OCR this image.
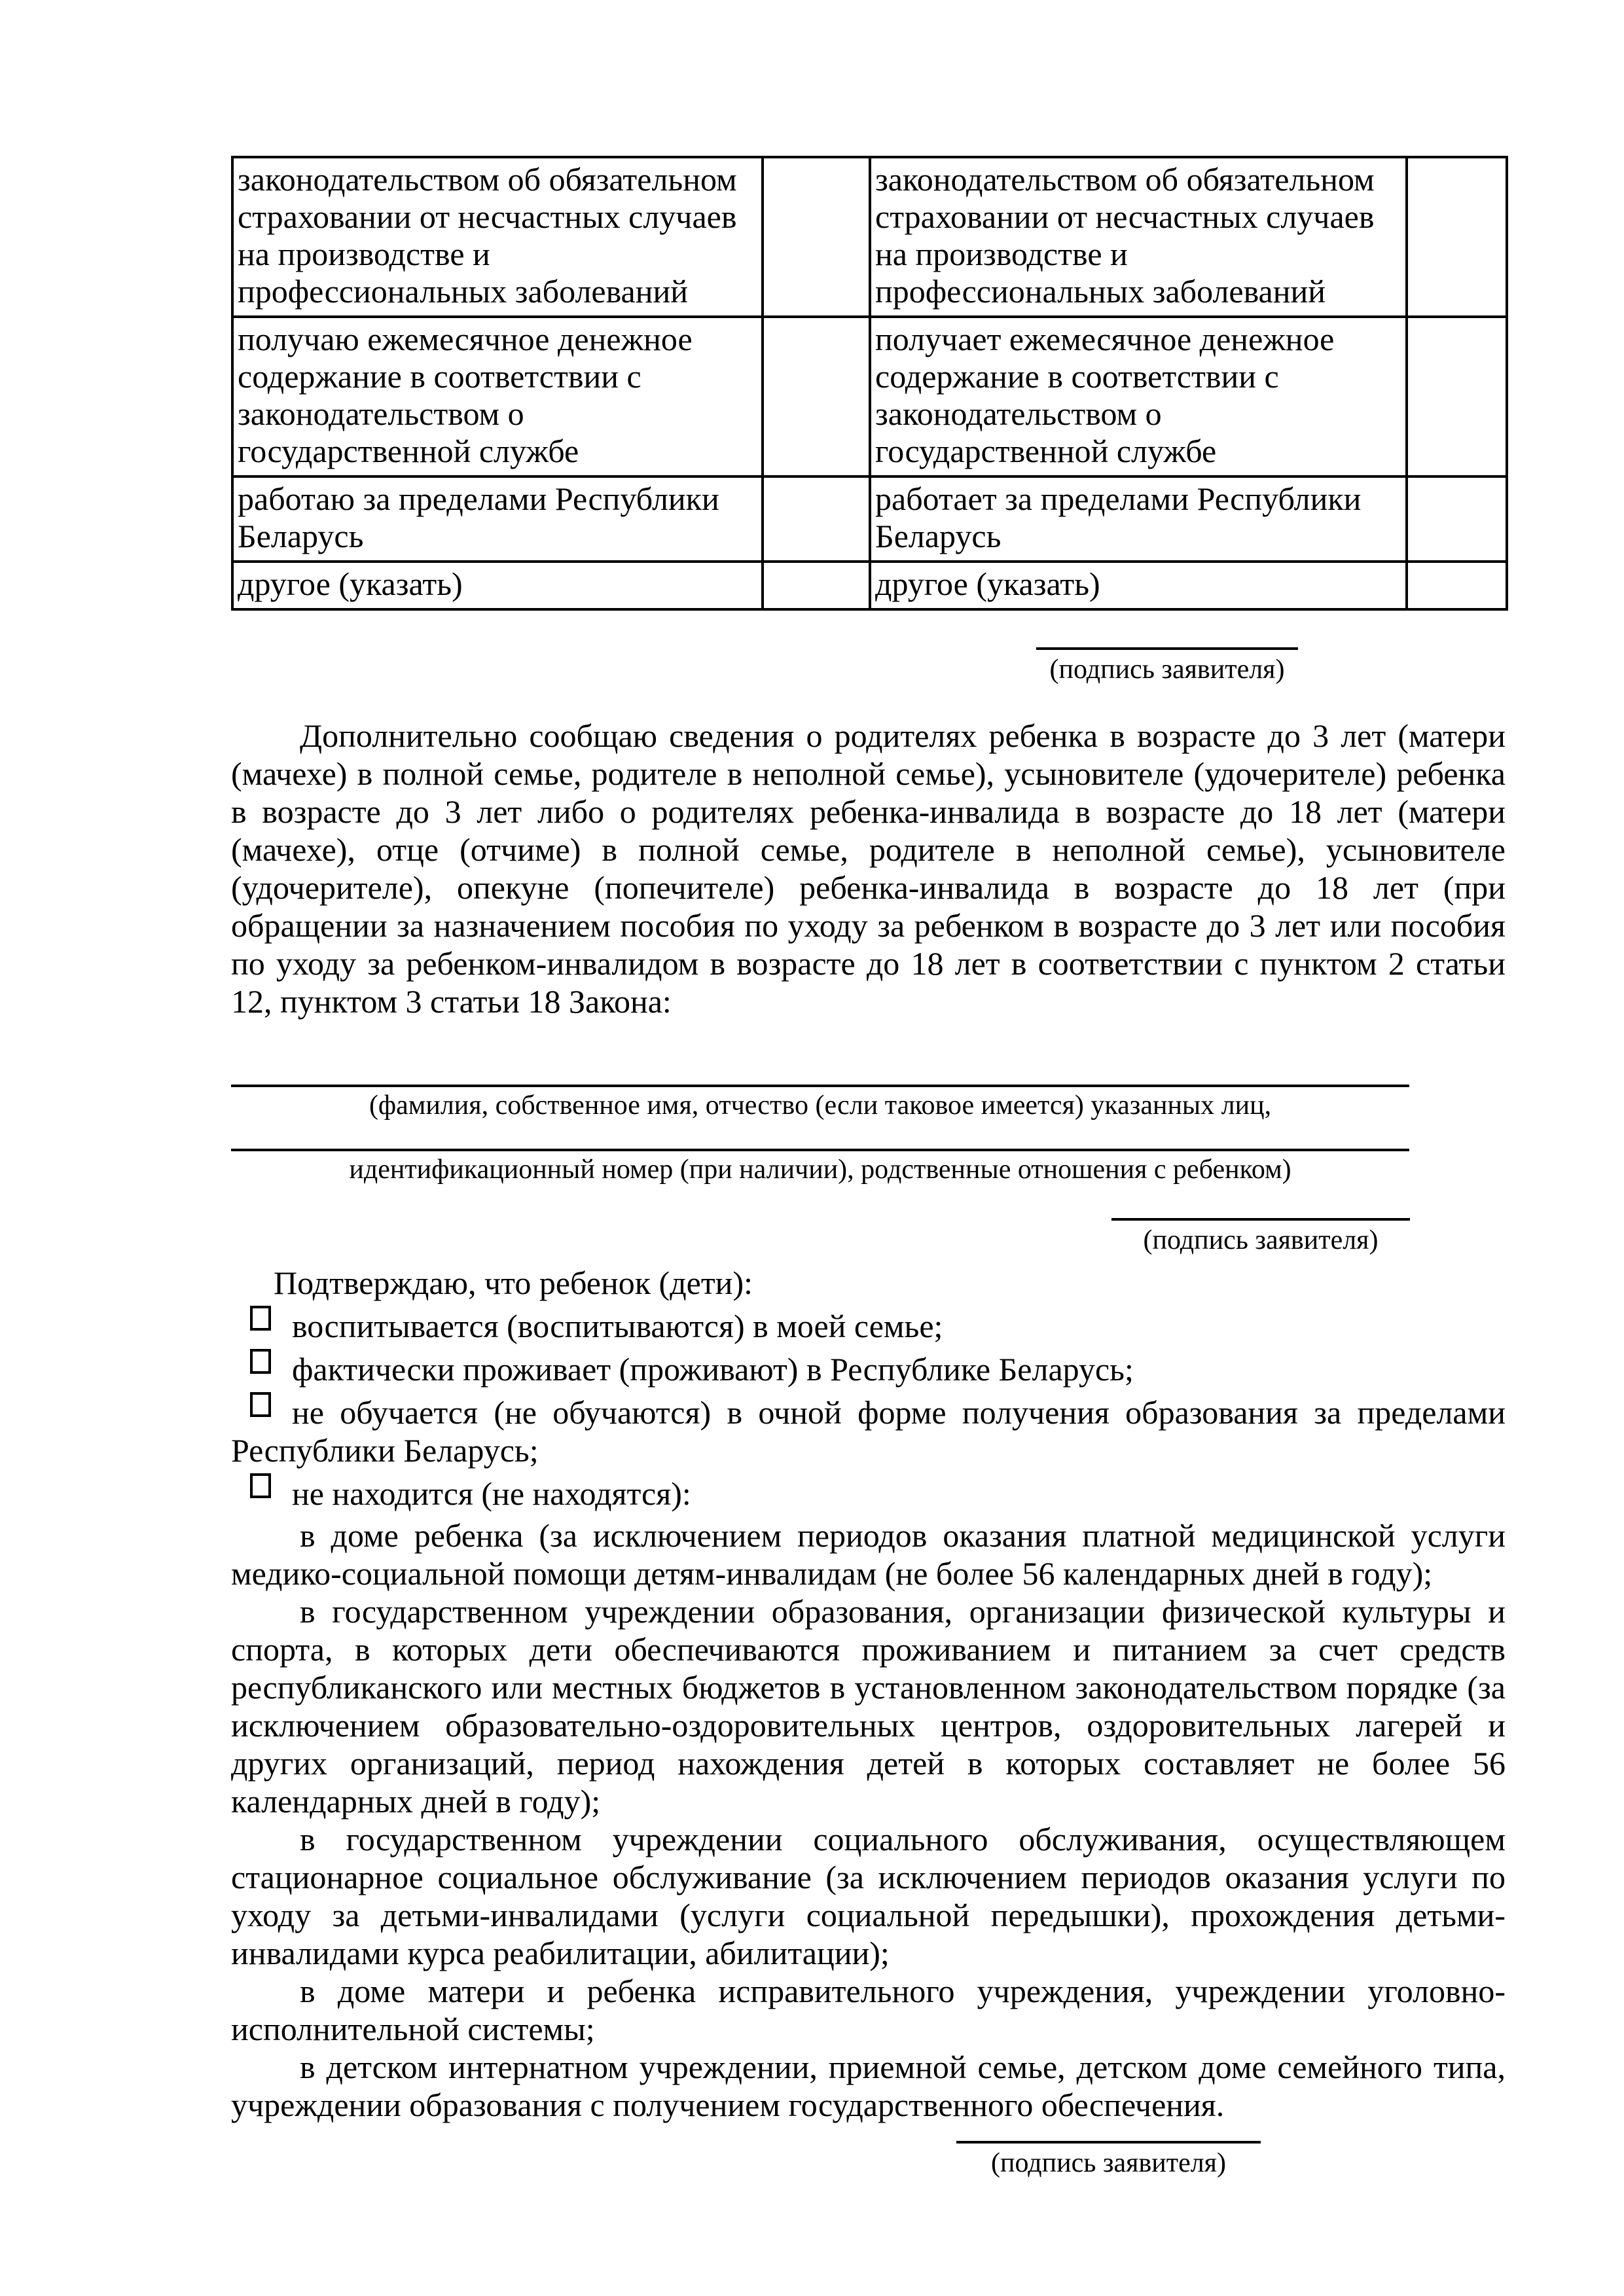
законодательством об обязательном страховании от несчастных случаев на производстве и профессиональных заболеваний		законодательством об обязательном страховании от несчастных случаев на производстве и профессиональных заболеваний	
получаю ежемесячное денежное содержание в соответствии с законодательством о государственной службе		получает ежемесячное денежное содержание в соответствии с законодательством о государственной службе	
работаю за пределами Республики Беларусь		работает за пределами Республики Беларусь	
другое (указать)		другое (указать)	
(подпись заявителя)

Дополнительно сообщаю сведения о родителях ребенка в возрасте до 3 лет (матери (мачехе) в полной семье, родителе в неполной семье), усыновителе (удочерителе) ребенка в возрасте до 3 лет либо о родителях ребенка-инвалида в возрасте до 18 лет (матери (мачехе), отце (отчиме) в полной семье, родителе в неполной семье), усыновителе (удочерителе), опекуне (попечителе) ребенка-инвалида в возрасте до 18 лет (при обращении за назначением пособия по уходу за ребенком в возрасте до 3 лет или пособия по уходу за ребенком-инвалидом в возрасте до 18 лет в соответствии с пунктом 2 статьи 12, пунктом 3 статьи 18 Закона:

(фамилия, собственное имя, отчество (если таковое имеется) указанных лиц,
идентификационный номер (при наличии), родственные отношения с ребенком)
(подпись заявителя)

Подтверждаю, что ребенок (дети):

воспитывается (воспитываются) в моей семье;

фактически проживает (проживают) в Республике Беларусь;

не обучается (не обучаются) в очной форме получения образования за пределами Республики Беларусь;

не находится (не находятся):

в доме ребенка (за исключением периодов оказания платной медицинской услуги медико-социальной помощи детям-инвалидам (не более 56 календарных дней в году);

в государственном учреждении образования, организации физической культуры и спорта, в которых дети обеспечиваются проживанием и питанием за счет средств республиканского или местных бюджетов в установленном законодательством порядке (за исключением образовательно-оздоровительных центров, оздоровительных лагерей и других организаций, период нахождения детей в которых составляет не более 56 календарных дней в году);

в государственном учреждении социального обслуживания, осуществляющем стационарное социальное обслуживание (за исключением периодов оказания услуги по уходу за детьми-инвалидами (услуги социальной передышки), прохождения детьми-инвалидами курса реабилитации, абилитации);

в доме матери и ребенка исправительного учреждения, учреждении уголовно-исполнительной системы;

в детском интернатном учреждении, приемной семье, детском доме семейного типа, учреждении образования с получением государственного обеспечения.

(подпись заявителя)
